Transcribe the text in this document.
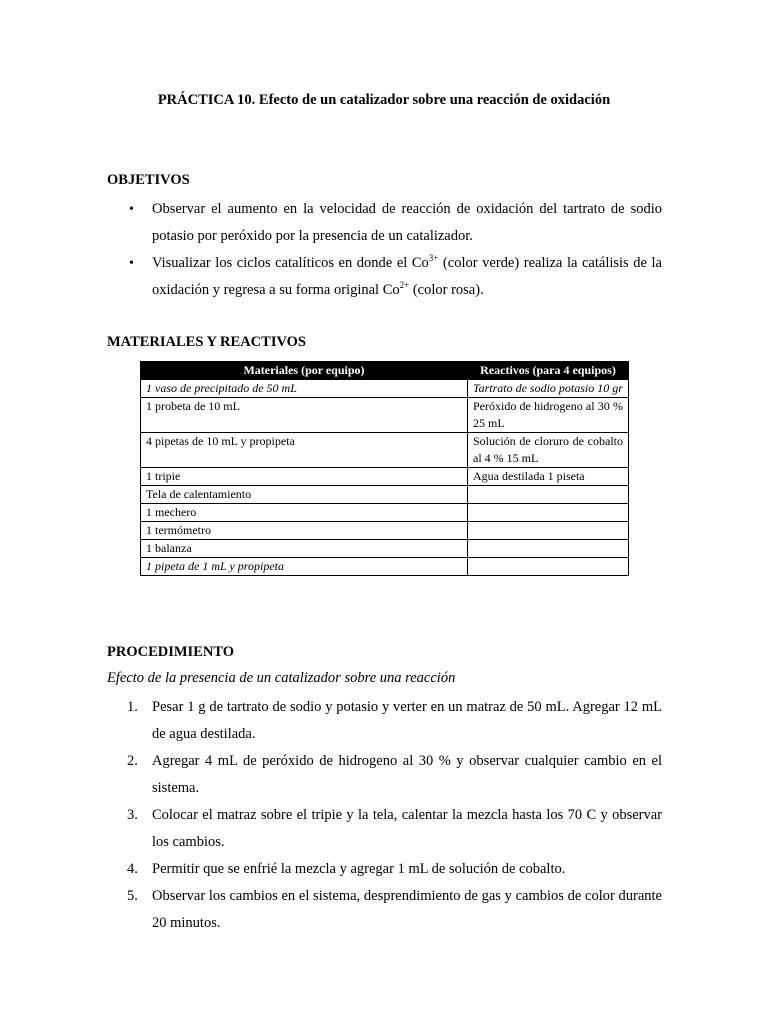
PRÁCTICA 10. Efecto de un catalizador sobre una reacción de oxidación
OBJETIVOS
• Observar el aumento en la velocidad de reacción de oxidación del tartrato de sodio potasio por peróxido por la presencia de un catalizador.
• Visualizar los ciclos catalíticos en donde el $Co^{3+}$ (color verde) realiza la catálisis de la oxidación y regresa a su forma original $Co^{2+}$ (color rosa).
MATERIALES Y REACTIVOS
Materiales (por equipo)	Reactivos (para 4 equipos)
1 vaso de precipitado de 50 mL	Tartrato de sodio potasio 10 gr
1 probeta de 10 mL	Peróxido de hidrogeno al 30 % 25 mL
4 pipetas de 10 mL y propipeta	Solución de cloruro de cobalto al 4 % 15 mL
1 tripie	Agua destilada 1 piseta
Tela de calentamiento	
1 mechero	
1 termómetro	
1 balanza	
1 pipeta de 1 mL y propipeta	
PROCEDIMIENTO
Efecto de la presencia de un catalizador sobre una reacción
1. Pesar 1 g de tartrato de sodio y potasio y verter en un matraz de 50 mL. Agregar 12 mL de agua destilada.
2. Agregar 4 mL de peróxido de hidrogeno al 30 % y observar cualquier cambio en el sistema.
3. Colocar el matraz sobre el tripie y la tela, calentar la mezcla hasta los 70 C y observar los cambios.
4. Permitir que se enfrié la mezcla y agregar 1 mL de solución de cobalto.
5. Observar los cambios en el sistema, desprendimiento de gas y cambios de color durante 20 minutos.
